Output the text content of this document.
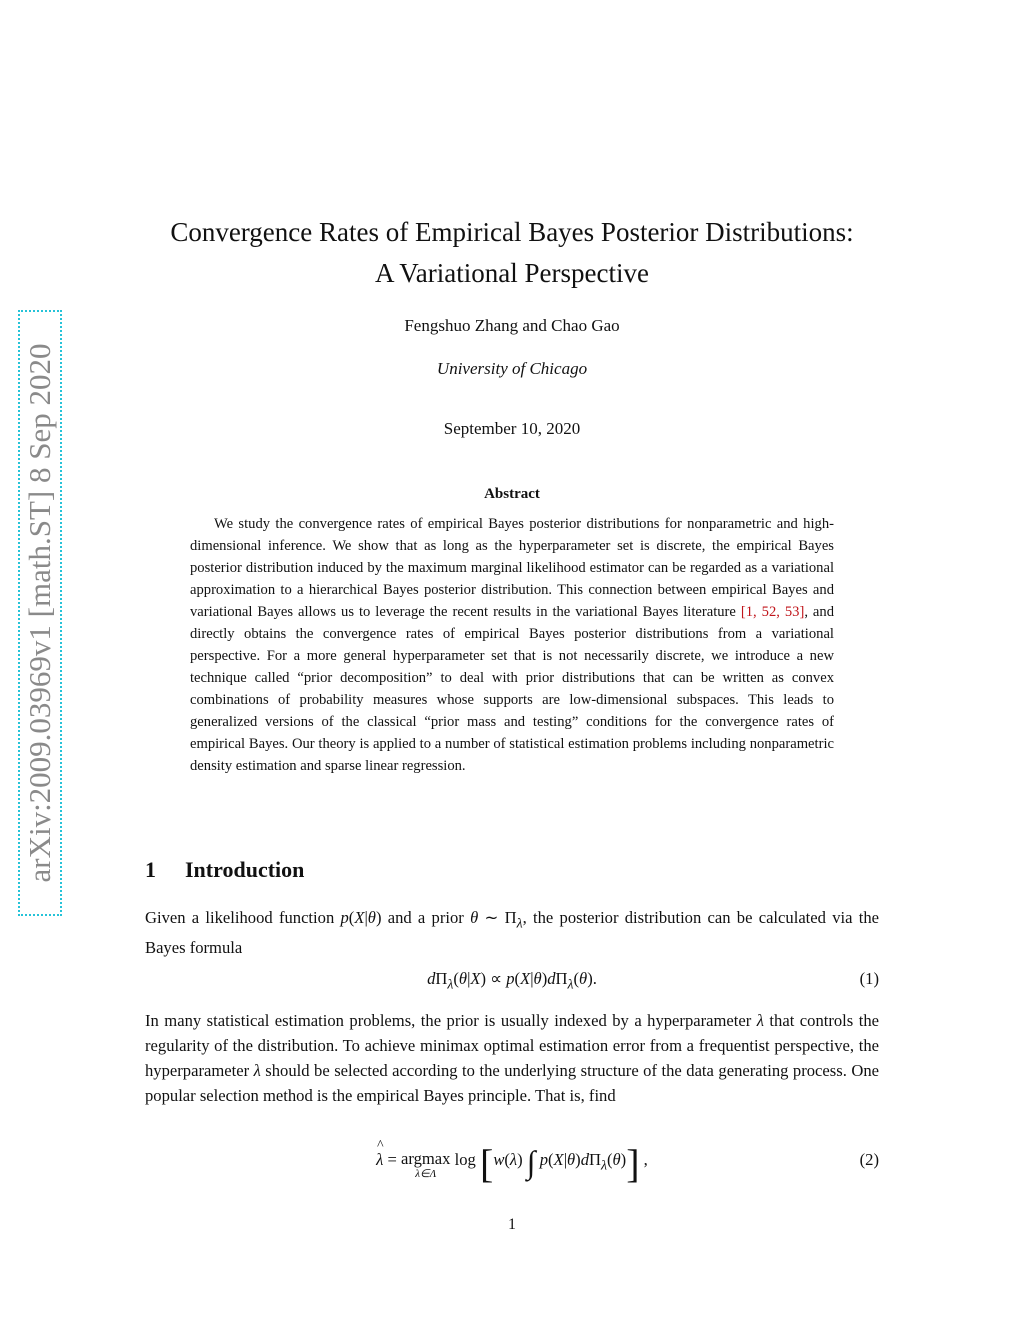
arXiv:2009.03969v1 [math.ST] 8 Sep 2020
Convergence Rates of Empirical Bayes Posterior Distributions:
A Variational Perspective
Fengshuo Zhang and Chao Gao
University of Chicago
September 10, 2020
Abstract

We study the convergence rates of empirical Bayes posterior distributions for nonparametric and high-dimensional inference. We show that as long as the hyperparameter set is discrete, the empirical Bayes posterior distribution induced by the maximum marginal likelihood estimator can be regarded as a variational approximation to a hierarchical Bayes posterior distribution. This connection between empirical Bayes and variational Bayes allows us to leverage the recent results in the variational Bayes literature [1, 52, 53], and directly obtains the convergence rates of empirical Bayes posterior distributions from a variational perspective. For a more general hyperparameter set that is not necessarily discrete, we introduce a new technique called “prior decomposition” to deal with prior distributions that can be written as convex combinations of probability measures whose supports are low-dimensional subspaces. This leads to generalized versions of the classical “prior mass and testing” conditions for the convergence rates of empirical Bayes. Our theory is applied to a number of statistical estimation problems including nonparametric density estimation and sparse linear regression.

1 Introduction

Given a likelihood function p(X|θ) and a prior θ ∼ $\Pi_\lambda$, the posterior distribution can be calculated via the Bayes formula

$d\Pi_\lambda(\theta|X) \propto p(X|\theta)d\Pi_\lambda(\theta)$.	(1)

In many statistical estimation problems, the prior is usually indexed by a hyperparameter λ that controls the regularity of the distribution. To achieve minimax optimal estimation error from a frequentist perspective, the hyperparameter λ should be selected according to the underlying structure of the data generating process. One popular selection method is the empirical Bayes principle. That is, find

^ λ = argmax
λ∈Λ
log [w(λ) ∫ $p(X|\theta)d\Pi_\lambda(\theta)$] ,	(2)
1
